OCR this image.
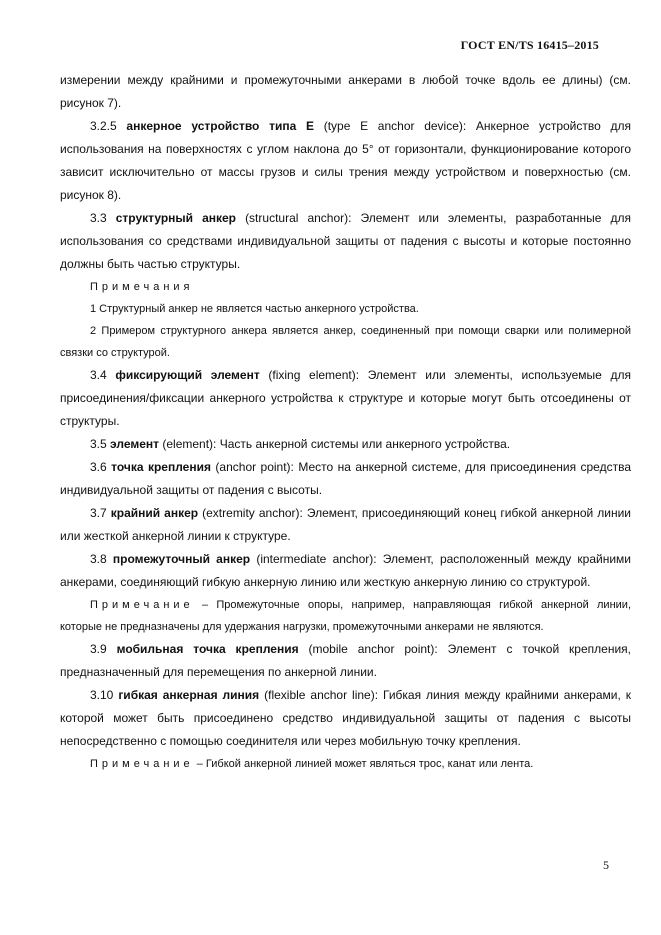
ГОСТ EN/TS 16415–2015

измерении между крайними и промежуточными анкерами в любой точке вдоль ее длины) (см. рисунок 7).

3.2.5 анкерное устройство типа E (type E anchor device): Анкерное устройство для использования на поверхностях с углом наклона до 5° от горизонтали, функционирование которого зависит исключительно от массы грузов и силы трения между устройством и поверхностью (см. рисунок 8).

3.3 структурный анкер (structural anchor): Элемент или элементы, разработанные для использования со средствами индивидуальной защиты от падения с высоты и которые постоянно должны быть частью структуры.

Примечания

1 Структурный анкер не является частью анкерного устройства.

2 Примером структурного анкера является анкер, соединенный при помощи сварки или полимерной связки со структурой.

3.4 фиксирующий элемент (fixing element): Элемент или элементы, используемые для присоединения/фиксации анкерного устройства к структуре и которые могут быть отсоединены от структуры.

3.5 элемент (element): Часть анкерной системы или анкерного устройства.

3.6 точка крепления (anchor point): Место на анкерной системе, для присоединения средства индивидуальной защиты от падения с высоты.

3.7 крайний анкер (extremity anchor): Элемент, присоединяющий конец гибкой анкерной линии или жесткой анкерной линии к структуре.

3.8 промежуточный анкер (intermediate anchor): Элемент, расположенный между крайними анкерами, соединяющий гибкую анкерную линию или жесткую анкерную линию со структурой.

Примечание – Промежуточные опоры, например, направляющая гибкой анкерной линии, которые не предназначены для удержания нагрузки, промежуточными анкерами не являются.

3.9 мобильная точка крепления (mobile anchor point): Элемент с точкой крепления, предназначенный для перемещения по анкерной линии.

3.10 гибкая анкерная линия (flexible anchor line): Гибкая линия между крайними анкерами, к которой может быть присоединено средство индивидуальной защиты от падения с высоты непосредственно с помощью соединителя или через мобильную точку крепления.

Примечание – Гибкой анкерной линией может являться трос, канат или лента.

5
